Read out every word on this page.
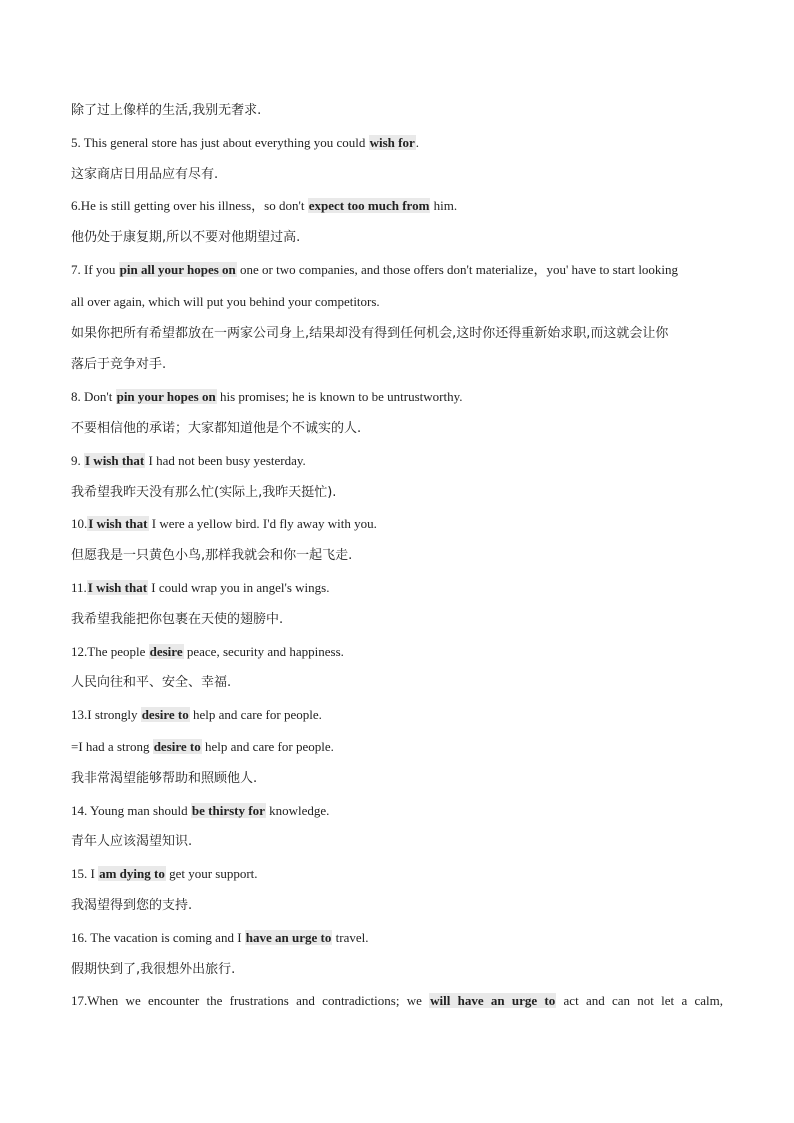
除了过上像样的生活,我别无奢求.
5. This general store has just about everything you could wish for.
这家商店日用品应有尽有.
6.He is still getting over his illness，so don't expect too much from him.
他仍处于康复期,所以不要对他期望过高.
7. If you pin all your hopes on one or two companies, and those offers don't materialize，you' have to start looking
all over again, which will put you behind your competitors.
如果你把所有希望都放在一两家公司身上,结果却没有得到任何机会,这时你还得重新始求职,而这就会让你
落后于竞争对手.
8. Don't pin your hopes on his promises; he is known to be untrustworthy.
不要相信他的承诺；大家都知道他是个不诚实的人.
9. I wish that I had not been busy yesterday.
我希望我昨天没有那么忙(实际上,我昨天挺忙).
10.I wish that I were a yellow bird. I'd fly away with you.
但愿我是一只黄色小鸟,那样我就会和你一起飞走.
11.I wish that I could wrap you in angel's wings.
我希望我能把你包裹在天使的翅膀中.
12.The people desire peace, security and happiness.
人民向往和平、安全、幸福.
13.I strongly desire to help and care for people.
=I had a strong desire to help and care for people.
我非常渴望能够帮助和照顾他人.
14. Young man should be thirsty for knowledge.
青年人应该渴望知识.
15. I am dying to get your support.
我渴望得到您的支持.
16. The vacation is coming and I have an urge to travel.
假期快到了,我很想外出旅行.
17.When we encounter the frustrations and contradictions; we will have an urge to act and can not let a calm,
